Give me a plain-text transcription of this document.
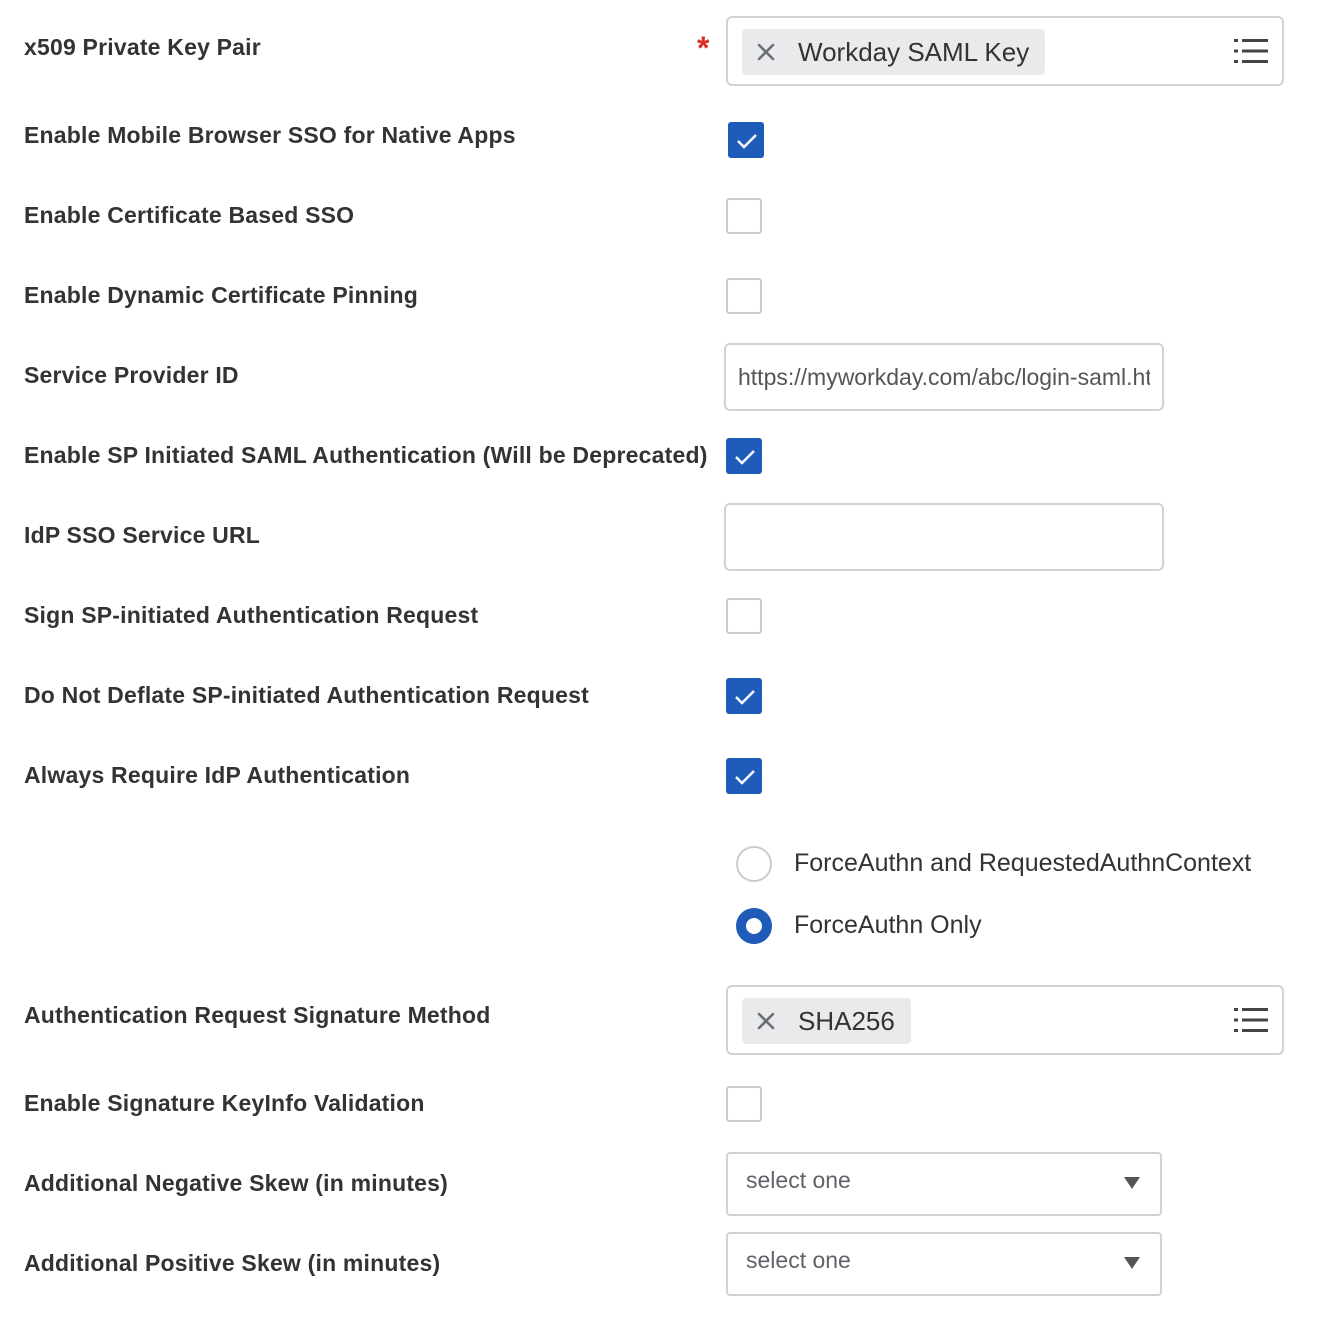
x509 Private Key Pair	*	Workday SAML Key
Enable Mobile Browser SSO for Native Apps
Enable Certificate Based SSO
Enable Dynamic Certificate Pinning
Service Provider ID
https://myworkday.com/abc/login-saml.htmld
Enable SP Initiated SAML Authentication (Will be Deprecated)
IdP SSO Service URL
Sign SP-initiated Authentication Request
Do Not Deflate SP-initiated Authentication Request
Always Require IdP Authentication
ForceAuthn and RequestedAuthnContext
ForceAuthn Only
Authentication Request Signature Method	SHA256
Enable Signature KeyInfo Validation
Additional Negative Skew (in minutes)	select one
Additional Positive Skew (in minutes)	select one
